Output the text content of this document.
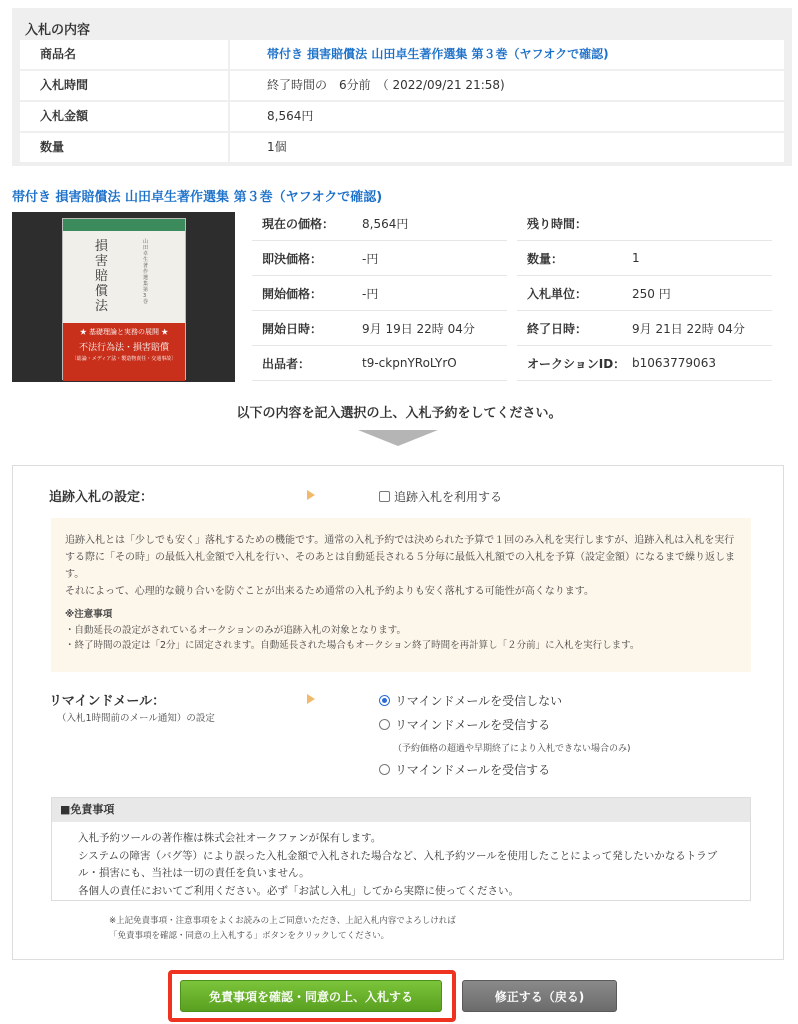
入札の内容
商品名	帯付き 損害賠償法 山田卓生著作選集 第３巻（ヤフオクで確認)
入札時間	終了時間の　6分前　（ 2022/09/21 21:58)
入札金額	8,564円
数量	1個
帯付き 損害賠償法 山田卓生著作選集 第３巻（ヤフオクで確認)
損害賠償法
山田卓生著作選集 第3巻
★ 基礎理論と実務の展開 ★
不法行為法・損害賠償
〔総論・メディア法・製造物責任・交通事故〕
現在の価格：	8,564円	残り時間：
即決価格：	-円	数量：	1
開始価格：	-円	入札単位：	250 円
開始日時：	9月 19日 22時 04分	終了日時：	9月 21日 22時 04分
出品者：	t9-ckpnYRoLYrO	オークションID： b1063779063
以下の内容を記入選択の上、入札予約をしてください。
追跡入札の設定：	追跡入札を利用する
追跡入札とは「少しでも安く」落札するための機能です。通常の入札予約では決められた予算で１回のみ入札を実行しますが、追跡入札は入札を実行する際に「その時」の最低入札金額で入札を行い、そのあとは自動延長される５分毎に最低入札額での入札を予算（設定金額）になるまで繰り返します。
それによって、心理的な競り合いを防ぐことが出来るため通常の入札予約よりも安く落札する可能性が高くなります。
※注意事項
・自動延長の設定がされているオークションのみが追跡入札の対象となります。
・終了時間の設定は「2分」に固定されます。自動延長された場合もオークション終了時間を再計算し「２分前」に入札を実行します。
リマインドメール：
（入札1時間前のメール通知）の設定
リマインドメールを受信しない
リマインドメールを受信する
（予約価格の超過や早期終了により入札できない場合のみ)
リマインドメールを受信する
■免責事項
入札予約ツールの著作権は株式会社オークファンが保有します。
システムの障害（バグ等）により誤った入札金額で入札された場合など、入札予約ツールを使用したことによって発したいかなるトラブ
ル・損害にも、当社は一切の責任を負いません。
各個人の責任においてご利用ください。必ず「お試し入札」してから実際に使ってください。
※上記免責事項・注意事項をよくお読みの上ご同意いただき、上記入札内容でよろしければ
「免責事項を確認・同意の上入札する」ボタンをクリックしてください。
免責事項を確認・同意の上、入札する	修正する（戻る)
